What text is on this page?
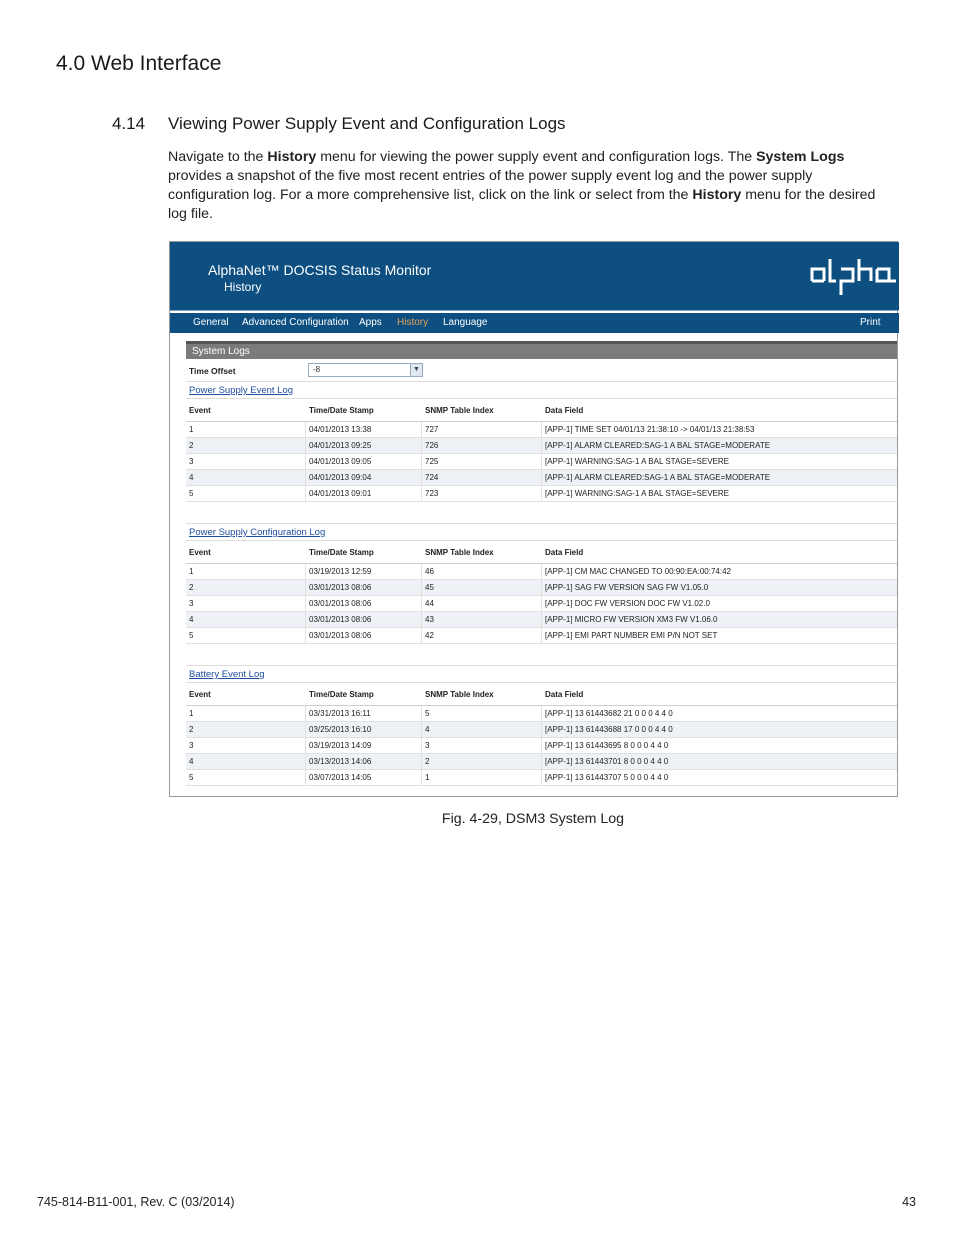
4.0 Web Interface
4.14 Viewing Power Supply Event and Configuration Logs

Navigate to the History menu for viewing the power supply event and configuration logs. The System Logs provides a snapshot of the five most recent entries of the power supply event log and the power supply configuration log. For a more comprehensive list, click on the link or select from the History menu for the desired log file.

AlphaNet™ DOCSIS Status Monitor
History
alpha
General Advanced Configuration Apps History Language	Print
System Logs
Time Offset	-8	▼
Power Supply Event Log
Event	Time/Date Stamp	SNMP Table Index	Data Field
1	04/01/2013 13:38	727	[APP-1] TIME SET 04/01/13 21:38:10 -> 04/01/13 21:38:53
2	04/01/2013 09:25	726	[APP-1] ALARM CLEARED:SAG-1 A BAL STAGE=MODERATE
3	04/01/2013 09:05	725	[APP-1] WARNING:SAG-1 A BAL STAGE=SEVERE
4	04/01/2013 09:04	724	[APP-1] ALARM CLEARED:SAG-1 A BAL STAGE=MODERATE
5	04/01/2013 09:01	723	[APP-1] WARNING:SAG-1 A BAL STAGE=SEVERE
Power Supply Configuration Log
Event	Time/Date Stamp	SNMP Table Index	Data Field
1	03/19/2013 12:59	46	[APP-1] CM MAC CHANGED TO 00:90:EA:00:74:42
2	03/01/2013 08:06	45	[APP-1] SAG FW VERSION SAG FW V1.05.0
3	03/01/2013 08:06	44	[APP-1] DOC FW VERSION DOC FW V1.02.0
4	03/01/2013 08:06	43	[APP-1] MICRO FW VERSION XM3 FW V1.06.0
5	03/01/2013 08:06	42	[APP-1] EMI PART NUMBER EMI P/N NOT SET
Battery Event Log
Event	Time/Date Stamp	SNMP Table Index	Data Field
1	03/31/2013 16:11	5	[APP-1] 13 61443682 21 0 0 0 4 4 0
2	03/25/2013 16:10	4	[APP-1] 13 61443688 17 0 0 0 4 4 0
3	03/19/2013 14:09	3	[APP-1] 13 61443695 8 0 0 0 4 4 0
4	03/13/2013 14:06	2	[APP-1] 13 61443701 8 0 0 0 4 4 0
5	03/07/2013 14:05	1	[APP-1] 13 61443707 5 0 0 0 4 4 0
Fig. 4-29, DSM3 System Log
745-814-B11-001, Rev. C (03/2014)	43
